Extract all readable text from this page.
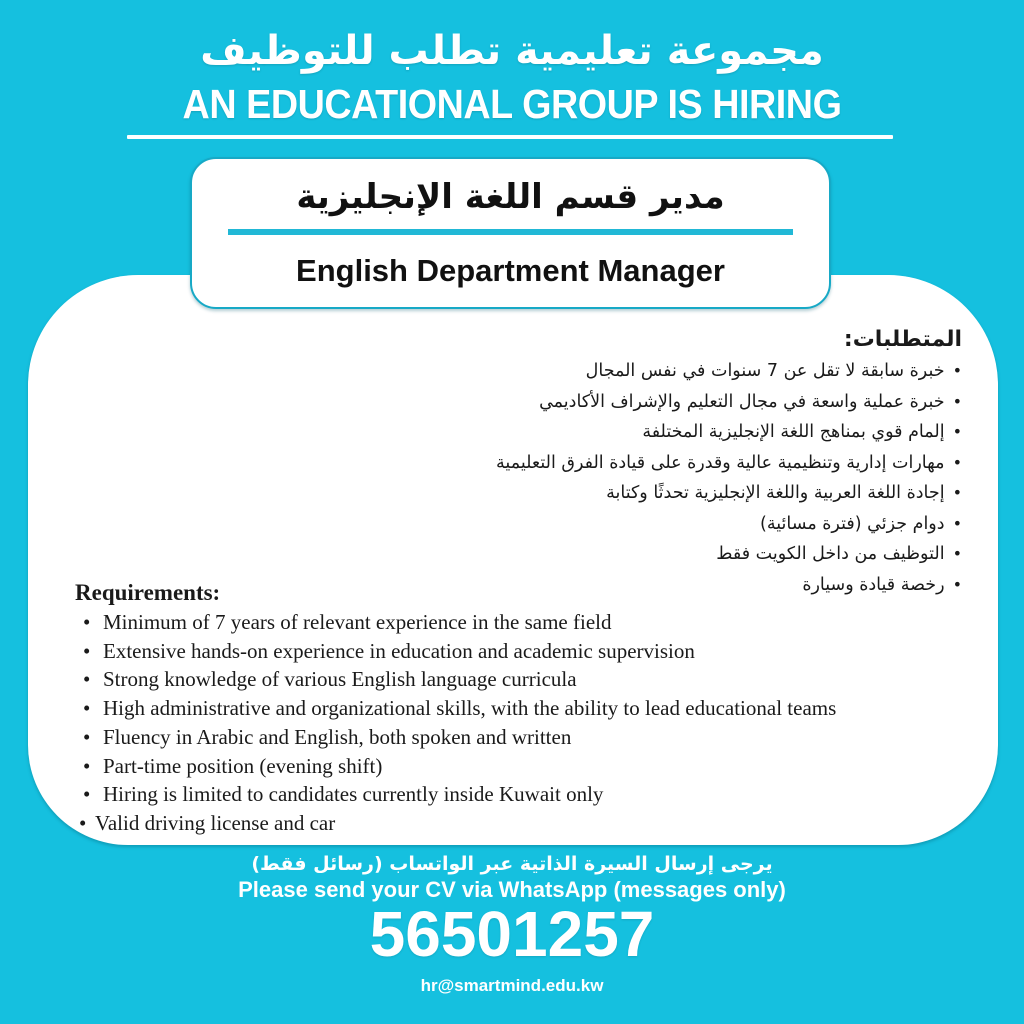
مجموعة تعليمية تطلب للتوظيف
AN EDUCATIONAL GROUP IS HIRING
مدير قسم اللغة الإنجليزية
English Department Manager
المتطلبات:
•خبرة سابقة لا تقل عن 7 سنوات في نفس المجال
•خبرة عملية واسعة في مجال التعليم والإشراف الأكاديمي
•إلمام قوي بمناهج اللغة الإنجليزية المختلفة
•مهارات إدارية وتنظيمية عالية وقدرة على قيادة الفرق التعليمية
•إجادة اللغة العربية واللغة الإنجليزية تحدثًا وكتابة
•دوام جزئي (فترة مسائية)
•التوظيف من داخل الكويت فقط
•رخصة قيادة وسيارة
Requirements:
• Minimum of 7 years of relevant experience in the same field
• Extensive hands-on experience in education and academic supervision
• Strong knowledge of various English language curricula
• High administrative and organizational skills, with the ability to lead educational teams
• Fluency in Arabic and English, both spoken and written
• Part-time position (evening shift)
• Hiring is limited to candidates currently inside Kuwait only
• Valid driving license and car
يرجى إرسال السيرة الذاتية عبر الواتساب (رسائل فقط)
Please send your CV via WhatsApp (messages only)
56501257
hr@smartmind.edu.kw
